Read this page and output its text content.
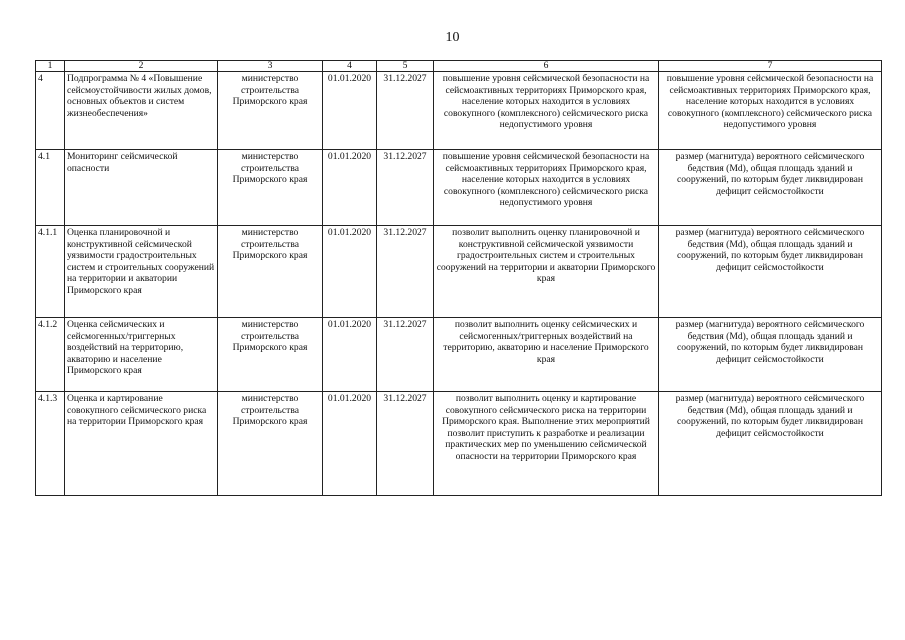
10
1	2	3	4	5	6	7
4	Подпрограмма № 4 «Повышение сейсмоустойчивости жилых домов, основных объектов и систем жизнеобеспечения»	министерство строительства Приморского края	01.01.2020	31.12.2027	повышение уровня сейсмической безопасности на сейсмоактивных территориях Приморского края, население которых находится в условиях совокупного (комплексного) сейсмического риска недопустимого уровня	повышение уровня сейсмической безопасности на сейсмоактивных территориях Приморского края, население которых находится в условиях совокупного (комплексного) сейсмического риска недопустимого уровня
4.1	Мониторинг сейсмической опасности	министерство строительства Приморского края	01.01.2020	31.12.2027	повышение уровня сейсмической безопасности на сейсмоактивных территориях Приморского края, население которых находится в условиях совокупного (комплексного) сейсмического риска недопустимого уровня	размер (магнитуда) вероятного сейсмического бедствия (Md), общая площадь зданий и сооружений, по которым будет ликвидирован дефицит сейсмостойкости
4.1.1	Оценка планировочной и конструктивной сейсмической уязвимости градостроительных систем и строительных сооружений на территории и акватории Приморского края	министерство строительства Приморского края	01.01.2020	31.12.2027	позволит выполнить оценку планировочной и конструктивной сейсмической уязвимости градостроительных систем и строительных сооружений на территории и акватории Приморского края	размер (магнитуда) вероятного сейсмического бедствия (Md), общая площадь зданий и сооружений, по которым будет ликвидирован дефицит сейсмостойкости
4.1.2	Оценка сейсмических и сейсмогенных/триггерных воздействий на территорию, акваторию и население Приморского края	министерство строительства Приморского края	01.01.2020	31.12.2027	позволит выполнить оценку сейсмических и сейсмогенных/триггерных воздействий на территорию, акваторию и население Приморского края	размер (магнитуда) вероятного сейсмического бедствия (Md), общая площадь зданий и сооружений, по которым будет ликвидирован дефицит сейсмостойкости
4.1.3	Оценка и картирование совокупного сейсмического риска на территории Приморского края	министерство строительства Приморского края	01.01.2020	31.12.2027	позволит выполнить оценку и картирование совокупного сейсмического риска на территории Приморского края. Выполнение этих мероприятий позволит приступить к разработке и реализации практических мер по уменьшению сейсмической опасности на территории Приморского края	размер (магнитуда) вероятного сейсмического бедствия (Md), общая площадь зданий и сооружений, по которым будет ликвидирован дефицит сейсмостойкости
